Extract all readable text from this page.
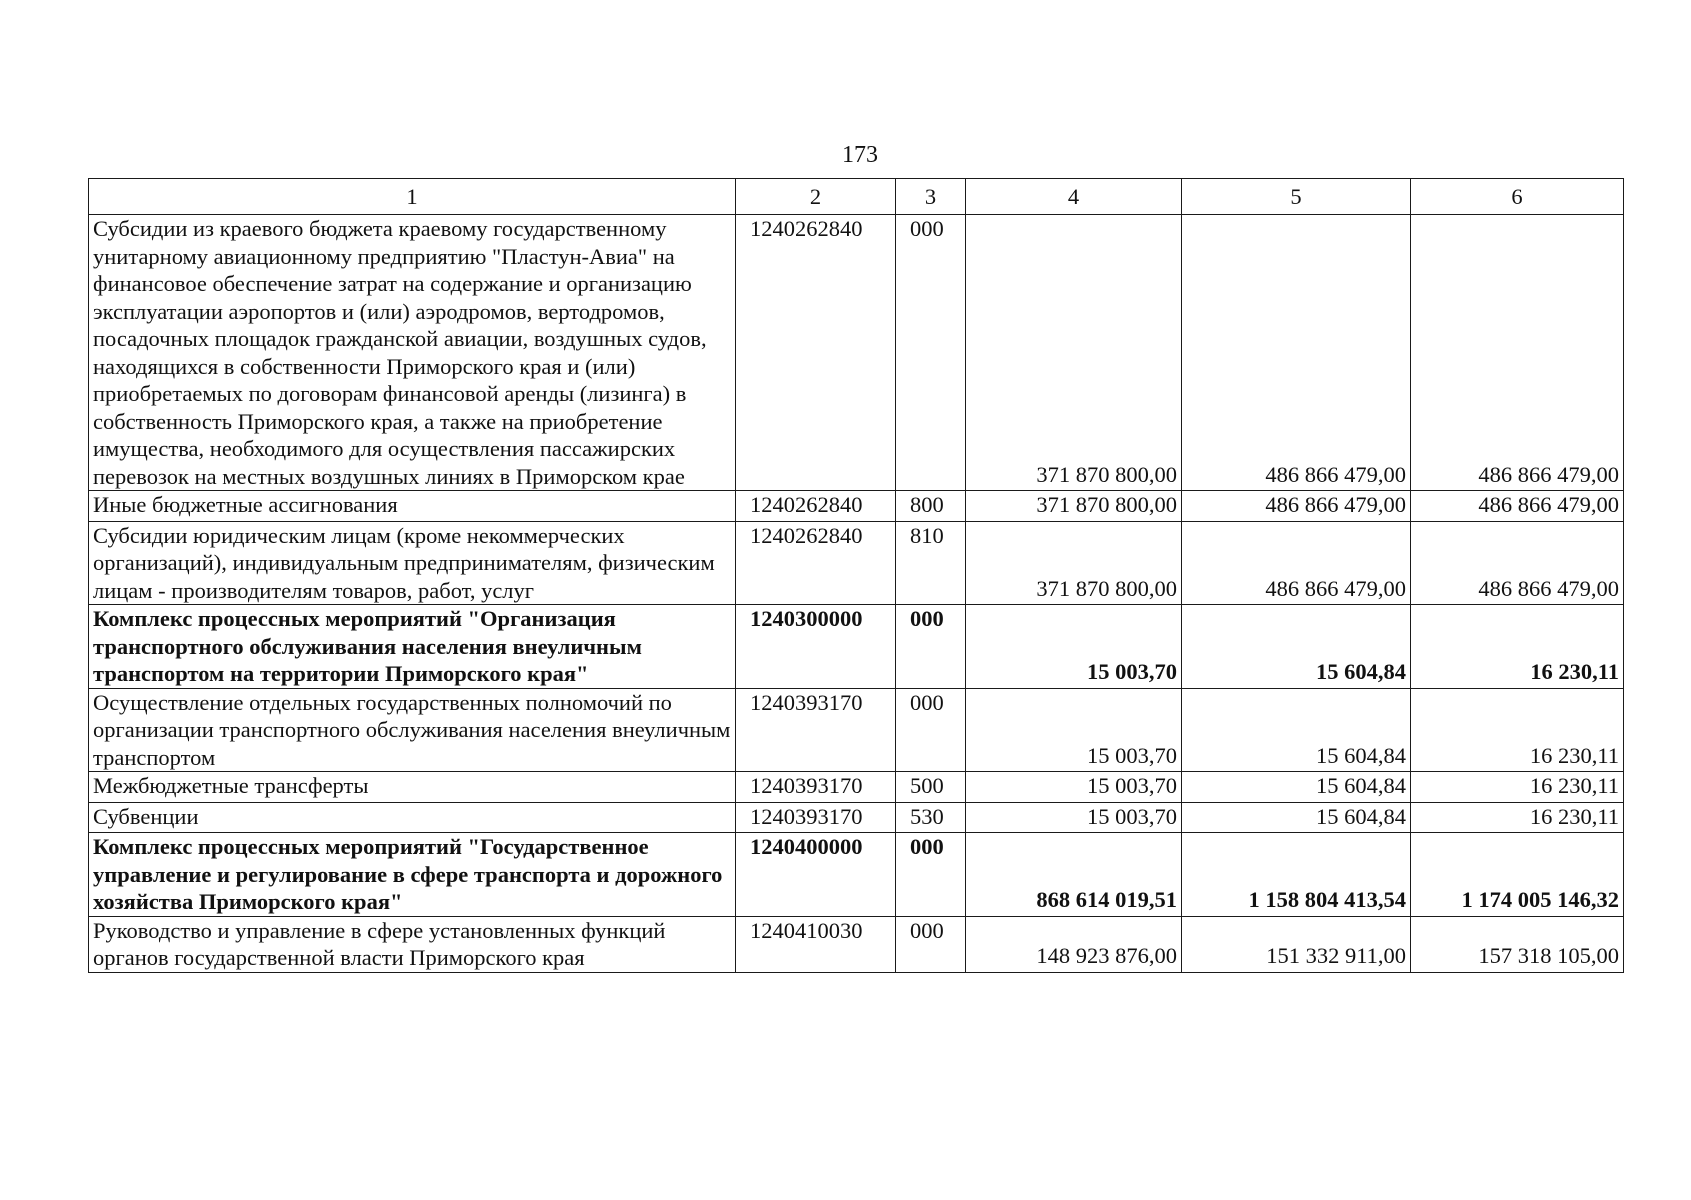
173
1	2	3	4	5	6
Субсидии из краевого бюджета краевому государственному унитарному авиационному предприятию "Пластун-Авиа" на финансовое обеспечение затрат на содержание и организацию эксплуатации аэропортов и (или) аэродромов, вертодромов, посадочных площадок гражданской авиации, воздушных судов, находящихся в собственности Приморского края и (или) приобретаемых по договорам финансовой аренды (лизинга) в собственность Приморского края, а также на приобретение имущества, необходимого для осуществления пассажирских перевозок на местных воздушных линиях в Приморском крае	1240262840	000	371 870 800,00	486 866 479,00	486 866 479,00
Иные бюджетные ассигнования	1240262840	800	371 870 800,00	486 866 479,00	486 866 479,00
Субсидии юридическим лицам (кроме некоммерческих организаций), индивидуальным предпринимателям, физическим лицам - производителям товаров, работ, услуг	1240262840	810	371 870 800,00	486 866 479,00	486 866 479,00
Комплекс процессных мероприятий "Организация транспортного обслуживания населения внеуличным транспортом на территории Приморского края"	1240300000	000	15 003,70	15 604,84	16 230,11
Осуществление отдельных государственных полномочий по организации транспортного обслуживания населения внеуличным транспортом	1240393170	000	15 003,70	15 604,84	16 230,11
Межбюджетные трансферты	1240393170	500	15 003,70	15 604,84	16 230,11
Субвенции	1240393170	530	15 003,70	15 604,84	16 230,11
Комплекс процессных мероприятий "Государственное управление и регулирование в сфере транспорта и дорожного хозяйства Приморского края"	1240400000	000	868 614 019,51	1 158 804 413,54	1 174 005 146,32
Руководство и управление в сфере установленных функций органов государственной власти Приморского края	1240410030	000	148 923 876,00	151 332 911,00	157 318 105,00
